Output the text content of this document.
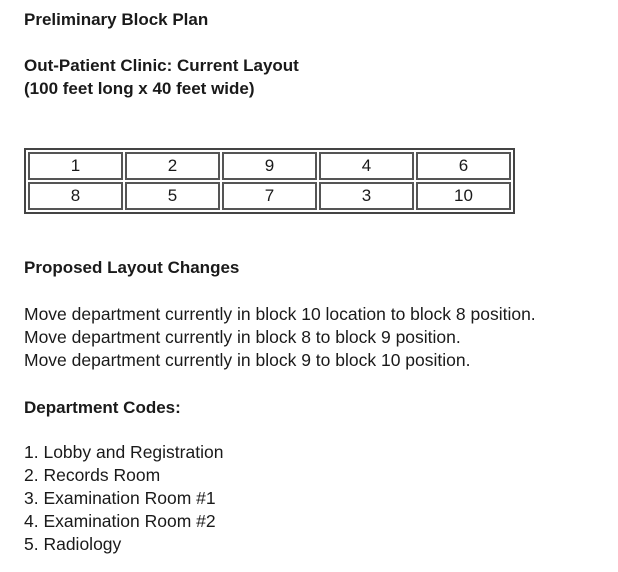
Preliminary Block Plan
Out-Patient Clinic: Current Layout
(100 feet long x 40 feet wide)
1	2	9	4	6
8	5	7	3	10
Proposed Layout Changes
Move department currently in block 10 location to block 8 position.
Move department currently in block 8 to block 9 position.
Move department currently in block 9 to block 10 position.
Department Codes:
1. Lobby and Registration
2. Records Room
3. Examination Room #1
4. Examination Room #2
5. Radiology
